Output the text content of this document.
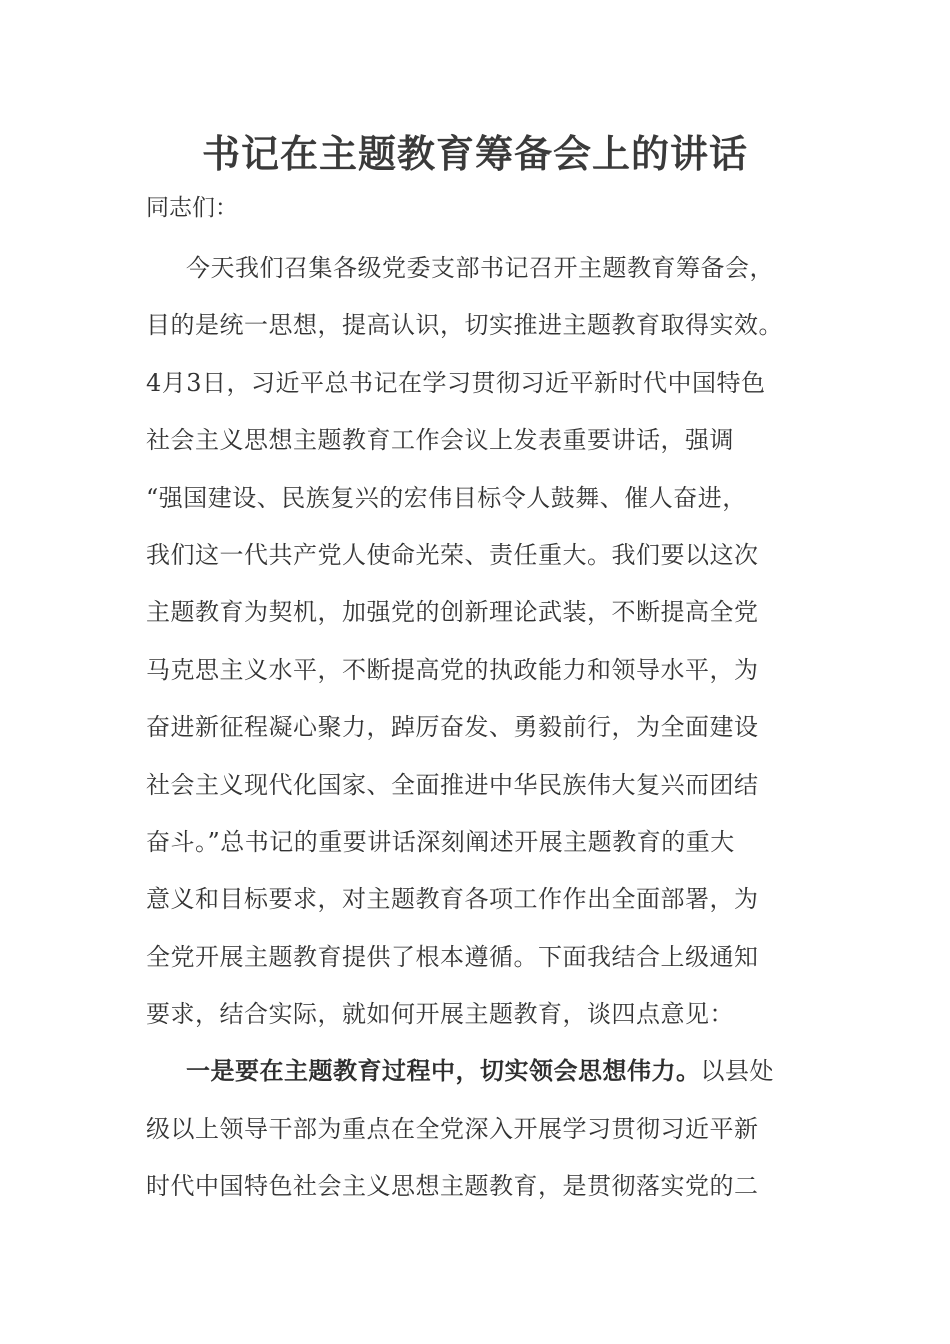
书记在主题教育筹备会上的讲话
同志们：
今天我们召集各级党委支部书记召开主题教育筹备会，
目的是统一思想，提高认识，切实推进主题教育取得实效。
4月3日，习近平总书记在学习贯彻习近平新时代中国特色
社会主义思想主题教育工作会议上发表重要讲话，强调
“强国建设、民族复兴的宏伟目标令人鼓舞、催人奋进，
我们这一代共产党人使命光荣、责任重大。我们要以这次
主题教育为契机，加强党的创新理论武装，不断提高全党
马克思主义水平，不断提高党的执政能力和领导水平，为
奋进新征程凝心聚力，踔厉奋发、勇毅前行，为全面建设
社会主义现代化国家、全面推进中华民族伟大复兴而团结
奋斗。”总书记的重要讲话深刻阐述开展主题教育的重大
意义和目标要求，对主题教育各项工作作出全面部署，为
全党开展主题教育提供了根本遵循。下面我结合上级通知
要求，结合实际，就如何开展主题教育，谈四点意见：
一是要在主题教育过程中，切实领会思想伟力。以县处
级以上领导干部为重点在全党深入开展学习贯彻习近平新
时代中国特色社会主义思想主题教育，是贯彻落实党的二
